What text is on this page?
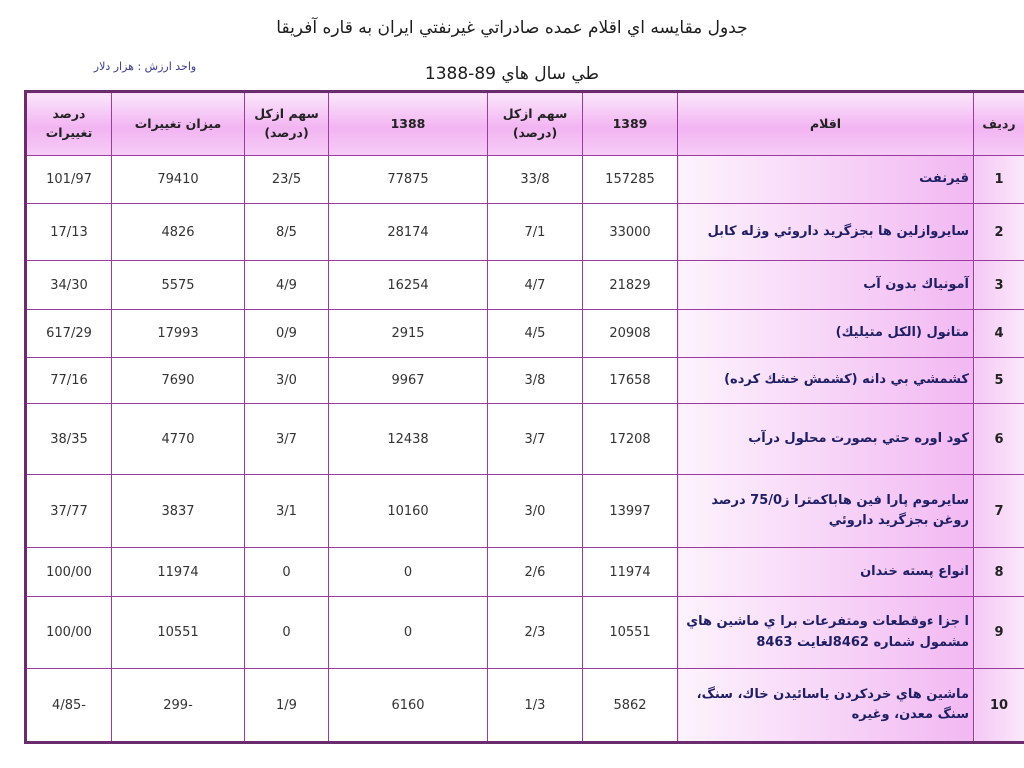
جدول مقايسه اي اقلام عمده صادراتي غيرنفتي ايران به قاره آفريقا
واحد ارزش : هزار دلار	طي سال هاي 89-1388
رديف	اقلام	1389	سهم ازكل (درصد)	1388	سهم ازكل (درصد)	ميزان تغييرات	درصد تغييرات
1	قيرنفت	157285	33/8	77875	23/5	79410	101/97
2	سايروازلين ها بجزگريد داروئي وژله كابل	33000	7/1	28174	8/5	4826	17/13
3	آمونياك بدون آب	21829	4/7	16254	4/9	5575	34/30
4	متانول (الكل متيليك)	20908	4/5	2915	0/9	17993	617/29
5	كشمشي بي دانه (كشمش خشك كرده)	17658	3/8	9967	3/0	7690	77/16
6	كود اوره حتي بصورت محلول درآب	17208	3/7	12438	3/7	4770	38/35
7	سايرموم پارا فين هاباكمترا ز75/0 درصد روغن بجزگريد داروئي	13997	3/0	10160	3/1	3837	37/77
8	انواع پسته خندان	11974	2/6	0	0	11974	100/00
9	ا جزا ءوقطعات ومتفرعات برا ي ماشين هاي مشمول شماره 8462لغايت 8463	10551	2/3	0	0	10551	100/00
10	ماشين هاي خردكردن ياسائيدن خاك، سنگ، سنگ معدن، وغيره	5862	1/3	6160	1/9	-299	-4/85
